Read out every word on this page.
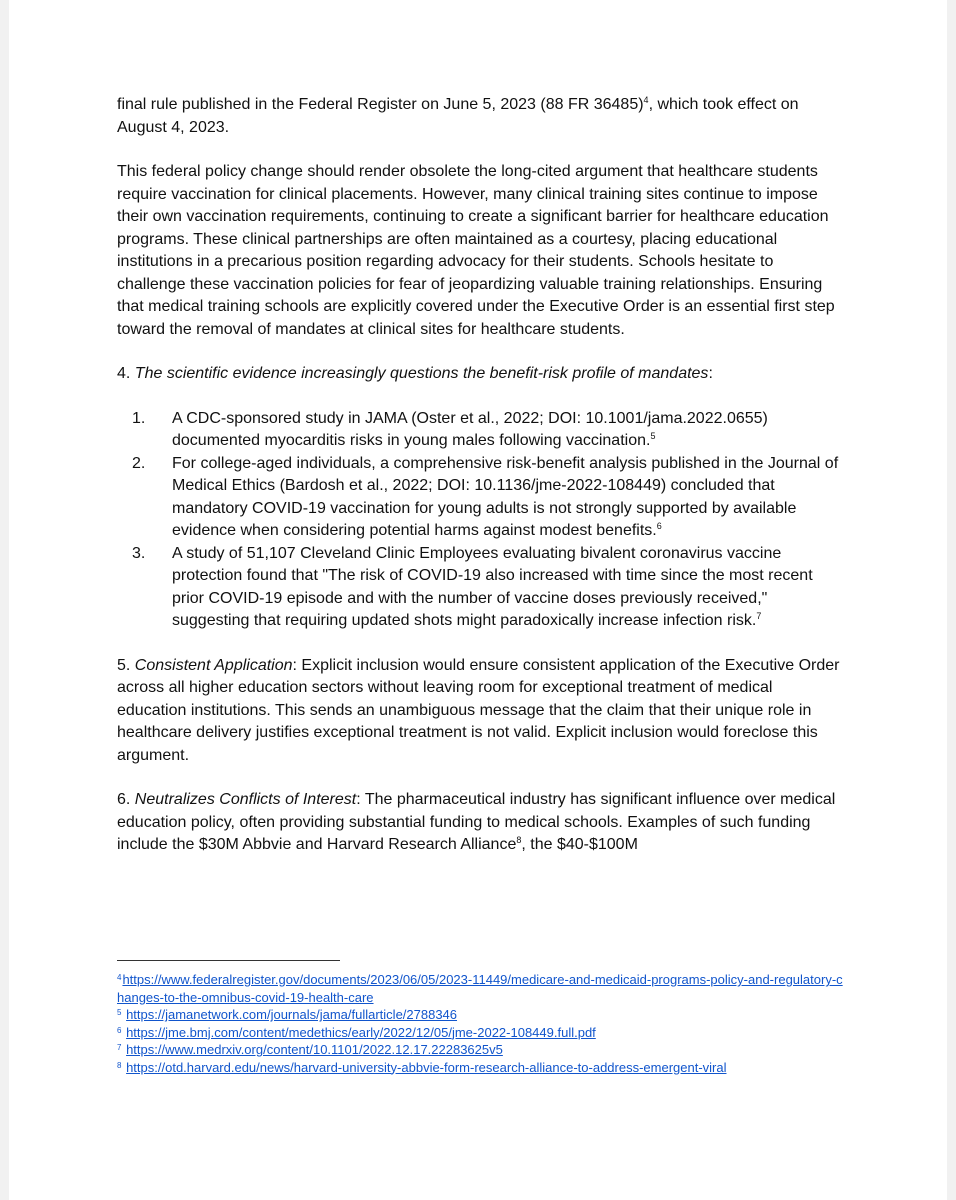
final rule published in the Federal Register on June 5, 2023 (88 FR 36485)$^4$, which took effect on August 4, 2023.

This federal policy change should render obsolete the long-cited argument that healthcare students require vaccination for clinical placements. However, many clinical training sites continue to impose their own vaccination requirements, continuing to create a significant barrier for healthcare education programs. These clinical partnerships are often maintained as a courtesy, placing educational institutions in a precarious position regarding advocacy for their students. Schools hesitate to challenge these vaccination policies for fear of jeopardizing valuable training relationships. Ensuring that medical training schools are explicitly covered under the Executive Order is an essential first step toward the removal of mandates at clinical sites for healthcare students.

4. The scientific evidence increasingly questions the benefit-risk profile of mandates:

1. A CDC-sponsored study in JAMA (Oster et al., 2022; DOI: 10.1001/jama.2022.0655) documented myocarditis risks in young males following vaccination.$^5$
2. For college-aged individuals, a comprehensive risk-benefit analysis published in the Journal of Medical Ethics (Bardosh et al., 2022; DOI: 10.1136/jme-2022-108449) concluded that mandatory COVID-19 vaccination for young adults is not strongly supported by available evidence when considering potential harms against modest benefits.$^6$
3. A study of 51,107 Cleveland Clinic Employees evaluating bivalent coronavirus vaccine protection found that "The risk of COVID-19 also increased with time since the most recent prior COVID-19 episode and with the number of vaccine doses previously received," suggesting that requiring updated shots might paradoxically increase infection risk.$^7$

5. Consistent Application: Explicit inclusion would ensure consistent application of the Executive Order across all higher education sectors without leaving room for exceptional treatment of medical education institutions. This sends an unambiguous message that the claim that their unique role in healthcare delivery justifies exceptional treatment is not valid. Explicit inclusion would foreclose this argument.

6. Neutralizes Conflicts of Interest: The pharmaceutical industry has significant influence over medical education policy, often providing substantial funding to medical schools. Examples of such funding include the $30M Abbvie and Harvard Research Alliance$^8$, the $40-$100M

$^4$https://www.federalregister.gov/documents/2023/06/05/2023-11449/medicare-and-medicaid-programs-policy-and-regulatory-changes-to-the-omnibus-covid-19-health-care
$^5$ https://jamanetwork.com/journals/jama/fullarticle/2788346
$^6$ https://jme.bmj.com/content/medethics/early/2022/12/05/jme-2022-108449.full.pdf
$^7$ https://www.medrxiv.org/content/10.1101/2022.12.17.22283625v5
$^8$ https://otd.harvard.edu/news/harvard-university-abbvie-form-research-alliance-to-address-emergent-viral
